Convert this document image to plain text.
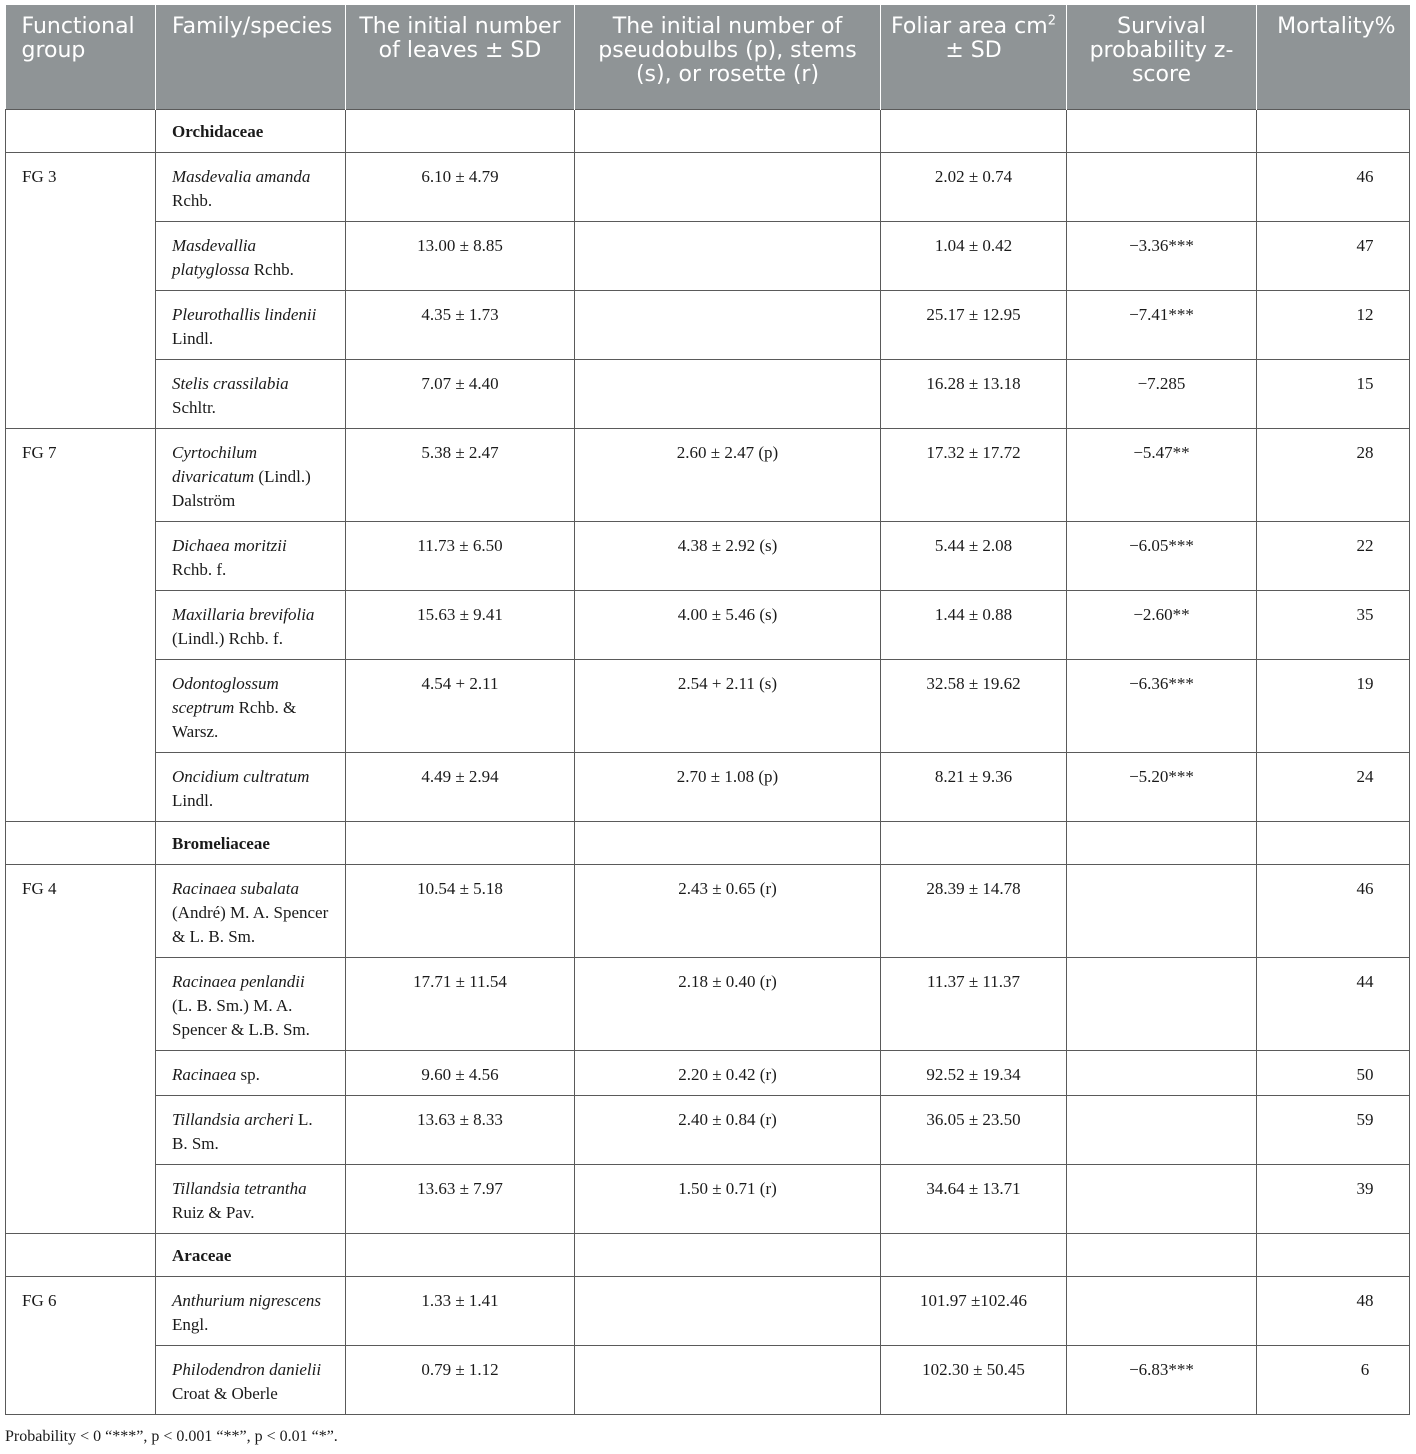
Functional group	Family/species	The initial number of leaves ± SD	The initial number of pseudobulbs (p), stems (s), or rosette (r)	Foliar area $cm^2$ ± SD	Survival probability z-score	Mortality%
	Orchidaceae					
FG 3	Masdevalia amanda Rchb.	6.10 ± 4.79		2.02 ± 0.74		46
	Masdevallia platyglossa Rchb.	13.00 ± 8.85		1.04 ± 0.42	−3.36***	47
	Pleurothallis lindenii Lindl.	4.35 ± 1.73		25.17 ± 12.95	−7.41***	12
	Stelis crassilabia Schltr.	7.07 ± 4.40		16.28 ± 13.18	−7.285	15
FG 7	Cyrtochilum divaricatum (Lindl.) Dalström	5.38 ± 2.47	2.60 ± 2.47 (p)	17.32 ± 17.72	−5.47**	28
	Dichaea moritzii Rchb. f.	11.73 ± 6.50	4.38 ± 2.92 (s)	5.44 ± 2.08	−6.05***	22
	Maxillaria brevifolia (Lindl.) Rchb. f.	15.63 ± 9.41	4.00 ± 5.46 (s)	1.44 ± 0.88	−2.60**	35
	Odontoglossum sceptrum Rchb. & Warsz.	4.54 + 2.11	2.54 + 2.11 (s)	32.58 ± 19.62	−6.36***	19
	Oncidium cultratum Lindl.	4.49 ± 2.94	2.70 ± 1.08 (p)	8.21 ± 9.36	−5.20***	24
	Bromeliaceae					
FG 4	Racinaea subalata (André) M. A. Spencer & L. B. Sm.	10.54 ± 5.18	2.43 ± 0.65 (r)	28.39 ± 14.78		46
	Racinaea penlandii (L. B. Sm.) M. A. Spencer & L.B. Sm.	17.71 ± 11.54	2.18 ± 0.40 (r)	11.37 ± 11.37		44
	Racinaea sp.	9.60 ± 4.56	2.20 ± 0.42 (r)	92.52 ± 19.34		50
	Tillandsia archeri L. B. Sm.	13.63 ± 8.33	2.40 ± 0.84 (r)	36.05 ± 23.50		59
	Tillandsia tetrantha Ruiz & Pav.	13.63 ± 7.97	1.50 ± 0.71 (r)	34.64 ± 13.71		39
	Araceae					
FG 6	Anthurium nigrescens Engl.	1.33 ± 1.41		101.97 ±102.46		48
	Philodendron danielii Croat & Oberle	0.79 ± 1.12		102.30 ± 50.45	−6.83***	6

Probability < 0 “***”, p < 0.001 “**”, p < 0.01 “*”.
